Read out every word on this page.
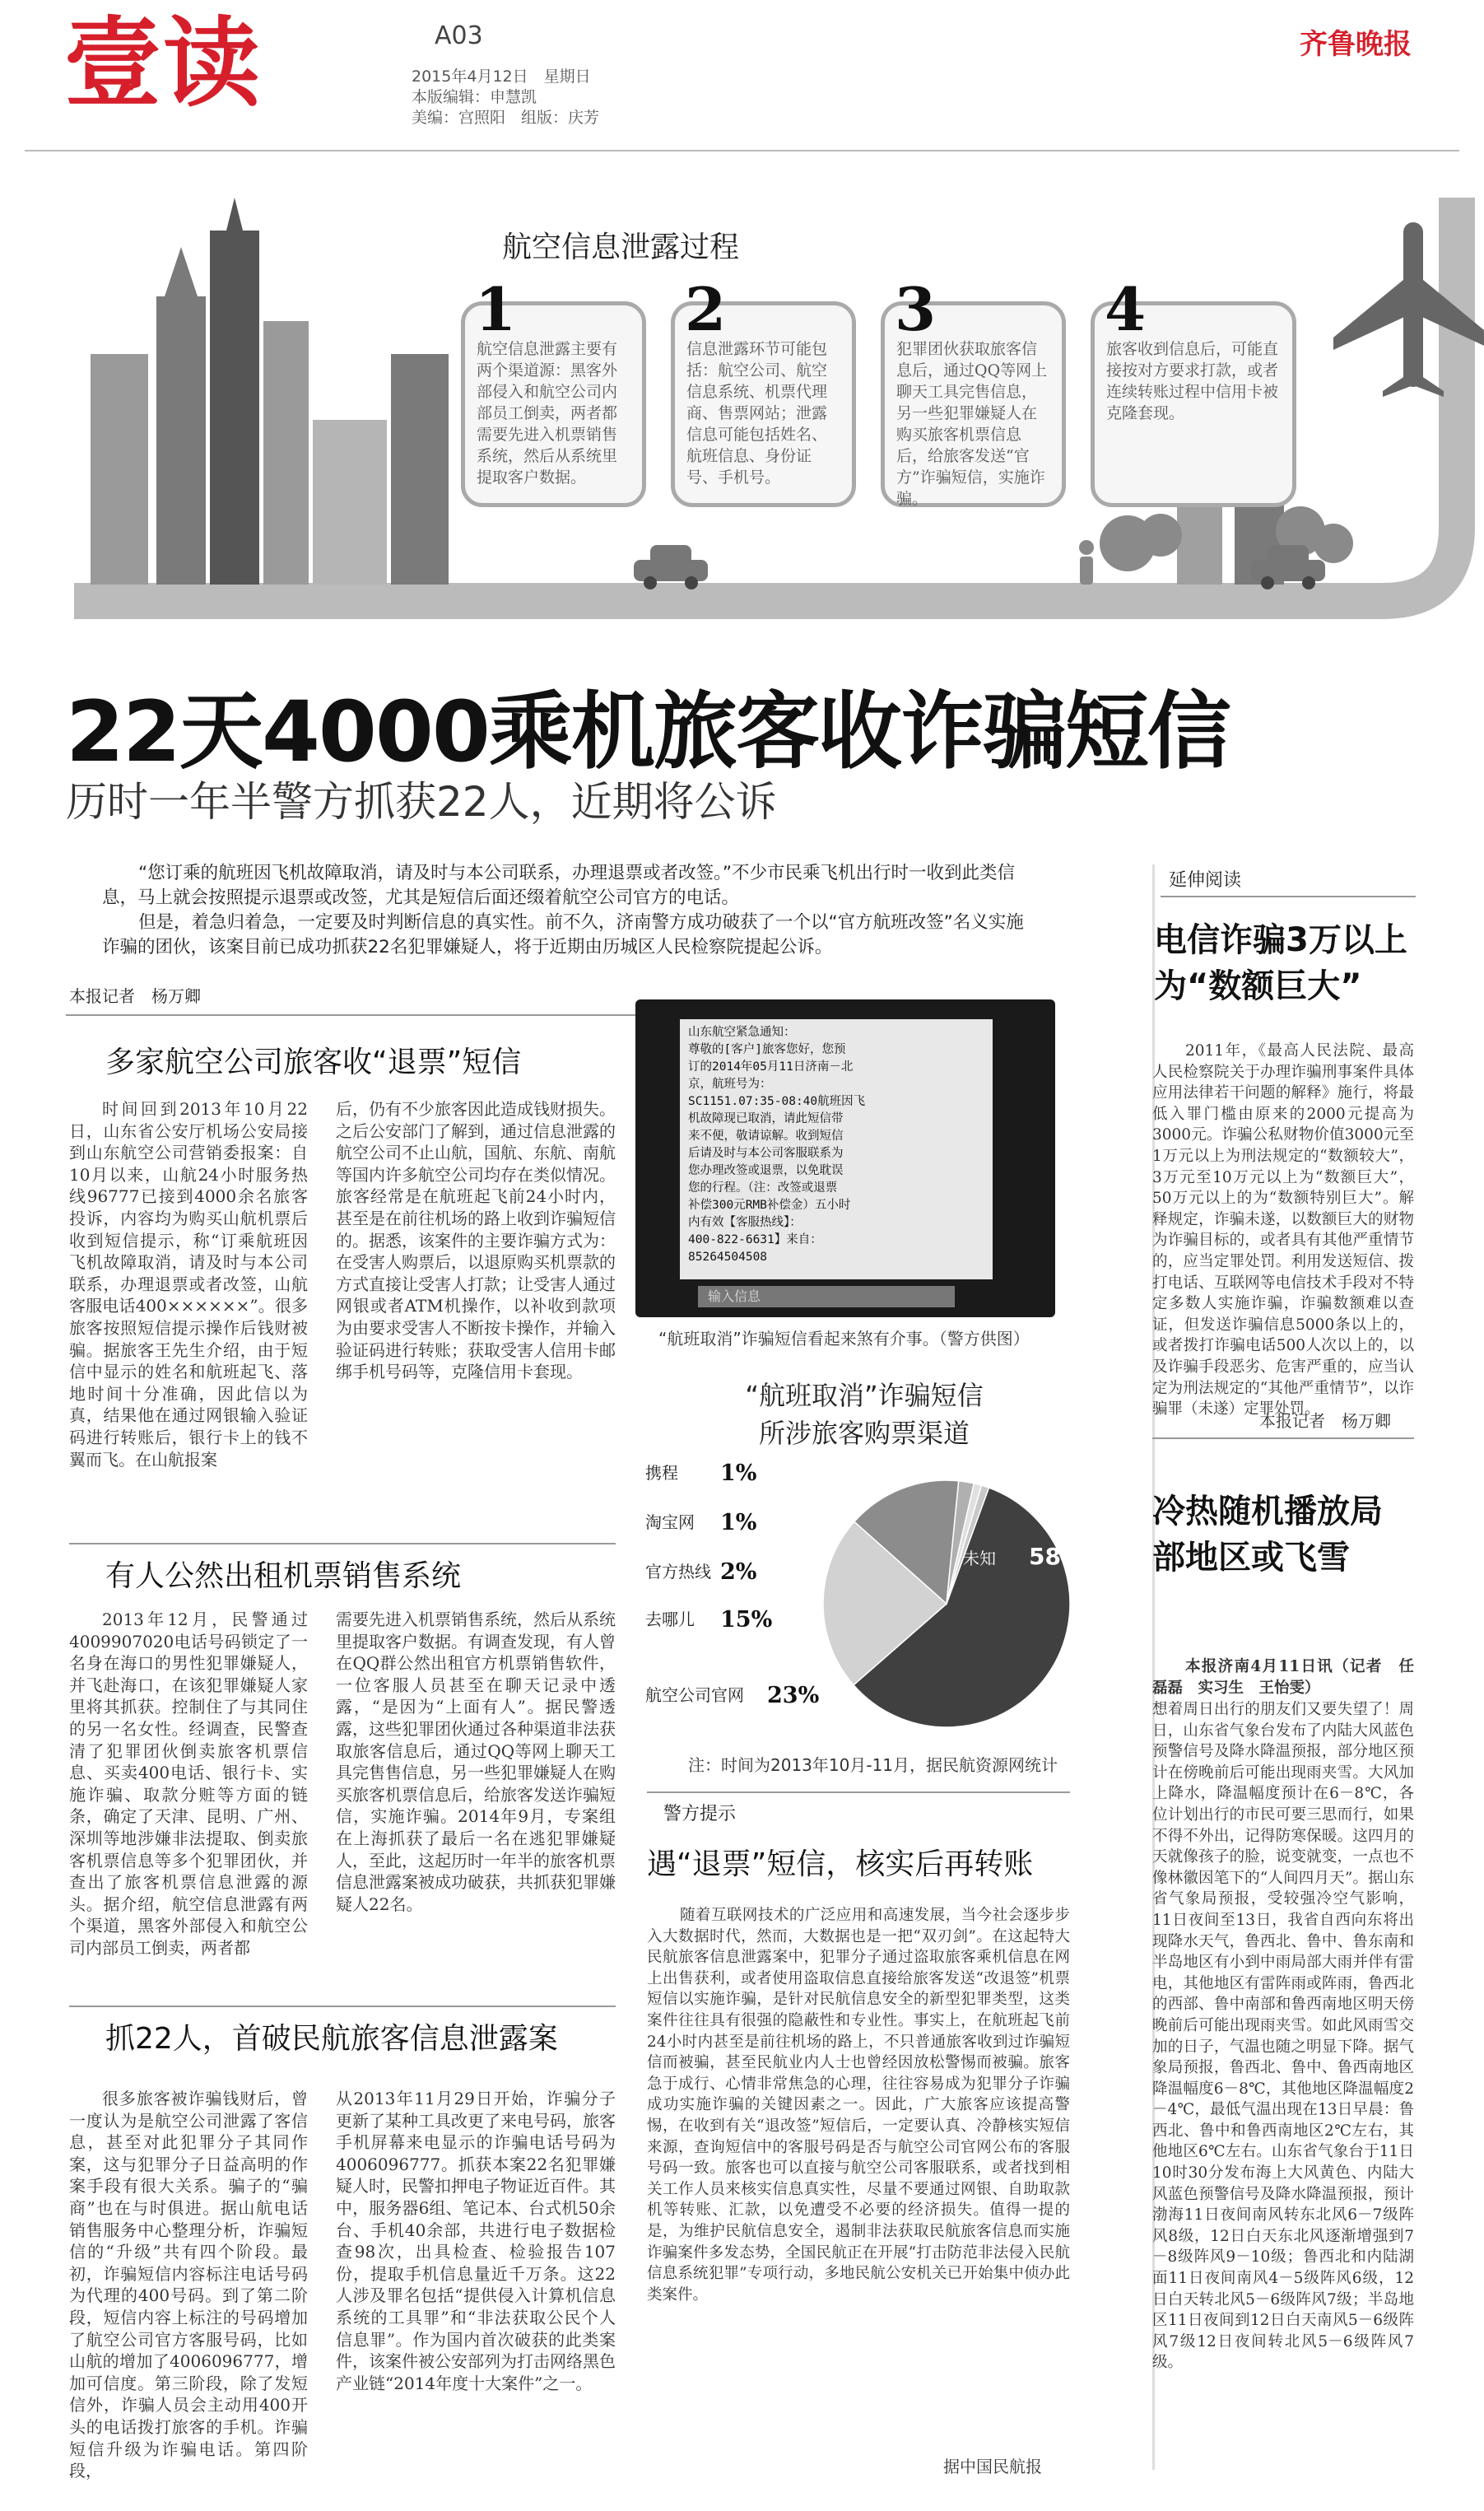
壹读	A03
2015年4月12日　星期日
本版编辑：申慧凯
美编：宫照阳　组版：庆芳
齐鲁晚报
航空信息泄露过程
1
航空信息泄露主要有两个渠道源：黑客外部侵入和航空公司内部员工倒卖，两者都需要先进入机票销售系统，然后从系统里提取客户数据。
2
信息泄露环节可能包括：航空公司、航空信息系统、机票代理商、售票网站；泄露信息可能包括姓名、航班信息、身份证号、手机号。
3
犯罪团伙获取旅客信息后，通过QQ等网上聊天工具完售信息，另一些犯罪嫌疑人在购买旅客机票信息后，给旅客发送“官方”诈骗短信，实施诈骗。
4
旅客收到信息后，可能直接按对方要求打款，或者连续转账过程中信用卡被克隆套现。
22天4000乘机旅客收诈骗短信
历时一年半警方抓获22人，近期将公诉
“您订乘的航班因飞机故障取消，请及时与本公司联系，办理退票或者改签。”不少市民乘飞机出行时一收到此类信息，马上就会按照提示退票或改签，尤其是短信后面还缀着航空公司官方的电话。
但是，着急归着急，一定要及时判断信息的真实性。前不久，济南警方成功破获了一个以“官方航班改签”名义实施诈骗的团伙，该案目前已成功抓获22名犯罪嫌疑人，将于近期由历城区人民检察院提起公诉。
本报记者　杨万卿
多家航空公司旅客收“退票”短信
时间回到2013年10月22日，山东省公安厅机场公安局接到山东航空公司营销委报案：自10月以来，山航24小时服务热线96777已接到4000余名旅客投诉，内容均为购买山航机票后收到短信提示，称“订乘航班因飞机故障取消，请及时与本公司联系，办理退票或者改签，山航客服电话400××××××”。很多旅客按照短信提示操作后钱财被骗。据旅客王先生介绍，由于短信中显示的姓名和航班起飞、落地时间十分准确，因此信以为真，结果他在通过网银输入验证码进行转账后，银行卡上的钱不翼而飞。在山航报案
后，仍有不少旅客因此造成钱财损失。之后公安部门了解到，通过信息泄露的航空公司不止山航，国航、东航、南航等国内许多航空公司均存在类似情况。旅客经常是在航班起飞前24小时内，甚至是在前往机场的路上收到诈骗短信的。据悉，该案件的主要诈骗方式为：在受害人购票后，以退原购买机票款的方式直接让受害人打款；让受害人通过网银或者ATM机操作，以补收到款项为由要求受害人不断按卡操作，并输入验证码进行转账；获取受害人信用卡邮绑手机号码等，克隆信用卡套现。
有人公然出租机票销售系统
2013年12月，民警通过4009907020电话号码锁定了一名身在海口的男性犯罪嫌疑人，并飞赴海口，在该犯罪嫌疑人家里将其抓获。控制住了与其同住的另一名女性。经调查，民警查清了犯罪团伙倒卖旅客机票信息、买卖400电话、银行卡、实施诈骗、取款分赃等方面的链条，确定了天津、昆明、广州、深圳等地涉嫌非法提取、倒卖旅客机票信息等多个犯罪团伙，并查出了旅客机票信息泄露的源头。据介绍，航空信息泄露有两个渠道，黑客外部侵入和航空公司内部员工倒卖，两者都
需要先进入机票销售系统，然后从系统里提取客户数据。有调查发现，有人曾在QQ群公然出租官方机票销售软件，一位客服人员甚至在聊天记录中透露，“是因为“上面有人”。据民警透露，这些犯罪团伙通过各种渠道非法获取旅客信息后，通过QQ等网上聊天工具完售售信息，另一些犯罪嫌疑人在购买旅客机票信息后，给旅客发送诈骗短信，实施诈骗。2014年9月，专案组在上海抓获了最后一名在逃犯罪嫌疑人，至此，这起历时一年半的旅客机票信息泄露案被成功破获，共抓获犯罪嫌疑人22名。
抓22人，首破民航旅客信息泄露案
很多旅客被诈骗钱财后，曾一度认为是航空公司泄露了客信息，甚至对此犯罪分子其同作案，这与犯罪分子日益高明的作案手段有很大关系。骗子的“骗商”也在与时俱进。据山航电话销售服务中心整理分析，诈骗短信的“升级”共有四个阶段。最初，诈骗短信内容标注电话号码为代理的400号码。到了第二阶段，短信内容上标注的号码增加了航空公司官方客服号码，比如山航的增加了4006096777，增加可信度。第三阶段，除了发短信外，诈骗人员会主动用400开头的电话拨打旅客的手机。诈骗短信升级为诈骗电话。第四阶段，
从2013年11月29日开始，诈骗分子更新了某种工具改更了来电号码，旅客手机屏幕来电显示的诈骗电话号码为4006096777。抓获本案22名犯罪嫌疑人时，民警扣押电子物证近百件。其中，服务器6组、笔记本、台式机50余台、手机40余部，共进行电子数据检查98次，出具检查、检验报告107份，提取手机信息量近千万条。这22人涉及罪名包括“提供侵入计算机信息系统的工具罪”和“非法获取公民个人信息罪”。作为国内首次破获的此类案件，该案件被公安部列为打击网络黑色产业链“2014年度十大案件”之一。
山东航空紧急通知：
尊敬的[客户]旅客您好，您预
订的2014年05月11日济南－北
京，航班号为：
SC1151.07:35-08:40航班因飞
机故障现已取消，请此短信带
来不便，敬请谅解。收到短信
后请及时与本公司客服联系为
您办理改签或退票，以免耽误
您的行程。（注：改签或退票
补偿300元RMB补偿金）五小时
内有效【客服热线】：
400-822-6631】来自：
85264504508
输入信息
“航班取消”诈骗短信看起来煞有介事。（警方供图）
“航班取消”诈骗短信
所涉旅客购票渠道
未知 58%
携程 1%
淘宝网 1%
官方热线 2%
去哪儿 15%
航空公司官网 23%
注：时间为2013年10月-11月，据民航资源网统计
警方提示
遇“退票”短信，核实后再转账
随着互联网技术的广泛应用和高速发展，当今社会逐步步入大数据时代，然而，大数据也是一把“双刃剑”。在这起特大民航旅客信息泄露案中，犯罪分子通过盗取旅客乘机信息在网上出售获利，或者使用盗取信息直接给旅客发送“改退签”机票短信以实施诈骗，是针对民航信息安全的新型犯罪类型，这类案件往往具有很强的隐蔽性和专业性。事实上，在航班起飞前24小时内甚至是前往机场的路上，不只普通旅客收到过诈骗短信而被骗，甚至民航业内人士也曾经因放松警惕而被骗。旅客急于成行、心情非常焦急的心理，往往容易成为犯罪分子诈骗成功实施诈骗的关键因素之一。因此，广大旅客应该提高警惕，在收到有关“退改签”短信后，一定要认真、冷静核实短信来源，查询短信中的客服号码是否与航空公司官网公布的客服号码一致。旅客也可以直接与航空公司客服联系，或者找到相关工作人员来核实信息真实性，尽量不要通过网银、自助取款机等转账、汇款，以免遭受不必要的经济损失。值得一提的是，为维护民航信息安全，遏制非法获取民航旅客信息而实施诈骗案件多发态势，全国民航正在开展“打击防范非法侵入民航信息系统犯罪”专项行动，多地民航公安机关已开始集中侦办此类案件。
据中国民航报
延伸阅读
电信诈骗3万以上为“数额巨大”
2011年，《最高人民法院、最高人民检察院关于办理诈骗刑事案件具体应用法律若干问题的解释》施行，将最低入罪门槛由原来的2000元提高为3000元。诈骗公私财物价值3000元至1万元以上为刑法规定的“数额较大”，3万元至10万元以上为“数额巨大”，50万元以上的为“数额特别巨大”。解释规定，诈骗未遂，以数额巨大的财物为诈骗目标的，或者具有其他严重情节的，应当定罪处罚。利用发送短信、拨打电话、互联网等电信技术手段对不特定多数人实施诈骗，诈骗数额难以查证，但发送诈骗信息5000条以上的，或者拨打诈骗电话500人次以上的，以及诈骗手段恶劣、危害严重的，应当认定为刑法规定的“其他严重情节”，以诈骗罪（未遂）定罪处罚。
本报记者　杨万卿
冷热随机播放局部地区或飞雪
本报济南4月11日讯（记者　任磊磊　实习生　王怡雯）
想着周日出行的朋友们又要失望了！周日，山东省气象台发布了内陆大风蓝色预警信号及降水降温预报，部分地区预计在傍晚前后可能出现雨夹雪。大风加上降水，降温幅度预计在6－8℃，各位计划出行的市民可要三思而行，如果不得不外出，记得防寒保暖。这四月的天就像孩子的脸，说变就变，一点也不像林徽因笔下的“人间四月天”。据山东省气象局预报，受较强冷空气影响，11日夜间至13日，我省自西向东将出现降水天气，鲁西北、鲁中、鲁东南和半岛地区有小到中雨局部大雨并伴有雷电，其他地区有雷阵雨或阵雨，鲁西北的西部、鲁中南部和鲁西南地区明天傍晚前后可能出现雨夹雪。如此风雨雪交加的日子，气温也随之明显下降。据气象局预报，鲁西北、鲁中、鲁西南地区降温幅度6－8℃，其他地区降温幅度2－4℃，最低气温出现在13日早晨：鲁西北、鲁中和鲁西南地区2℃左右，其他地区6℃左右。山东省气象台于11日10时30分发布海上大风黄色、内陆大风蓝色预警信号及降水降温预报，预计渤海11日夜间南风转东北风6－7级阵风8级，12日白天东北风逐渐增强到7－8级阵风9－10级；鲁西北和内陆湖面11日夜间南风4－5级阵风6级，12日白天转北风5－6级阵风7级；半岛地区11日夜间到12日白天南风5－6级阵风7级12日夜间转北风5－6级阵风7级。
